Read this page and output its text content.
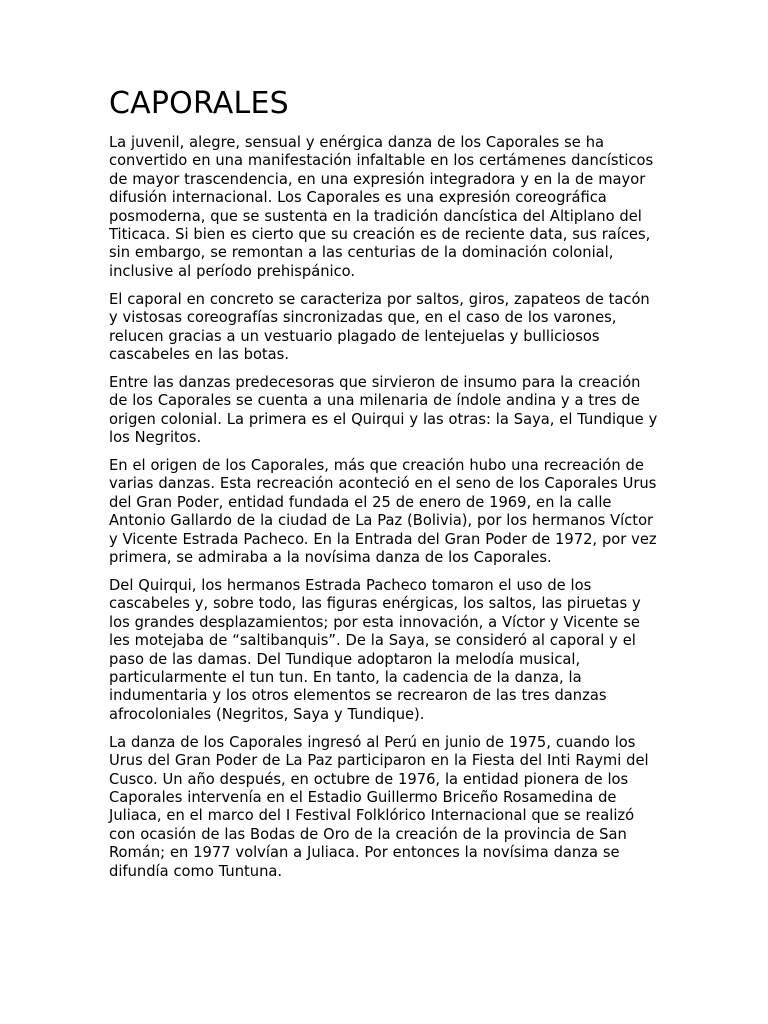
CAPORALES

La juvenil, alegre, sensual y enérgica danza de los Caporales se ha convertido en una manifestación infaltable en los certámenes dancísticos de mayor trascendencia, en una expresión integradora y en la de mayor difusión internacional. Los Caporales es una expresión coreográfica posmoderna, que se sustenta en la tradición dancística del Altiplano del Titicaca. Si bien es cierto que su creación es de reciente data, sus raíces, sin embargo, se remontan a las centurias de la dominación colonial, inclusive al período prehispánico.

El caporal en concreto se caracteriza por saltos, giros, zapateos de tacón y vistosas coreografías sincronizadas que, en el caso de los varones, relucen gracias a un vestuario plagado de lentejuelas y bulliciosos cascabeles en las botas.

Entre las danzas predecesoras que sirvieron de insumo para la creación de los Caporales se cuenta a una milenaria de índole andina y a tres de origen colonial. La primera es el Quirqui y las otras: la Saya, el Tundique y los Negritos.

En el origen de los Caporales, más que creación hubo una recreación de varias danzas. Esta recreación aconteció en el seno de los Caporales Urus del Gran Poder, entidad fundada el 25 de enero de 1969, en la calle Antonio Gallardo de la ciudad de La Paz (Bolivia), por los hermanos Víctor y Vicente Estrada Pacheco. En la Entrada del Gran Poder de 1972, por vez primera, se admiraba a la novísima danza de los Caporales.

Del Quirqui, los hermanos Estrada Pacheco tomaron el uso de los cascabeles y, sobre todo, las figuras enérgicas, los saltos, las piruetas y los grandes desplazamientos; por esta innovación, a Víctor y Vicente se les motejaba de “saltibanquis”. De la Saya, se consideró al caporal y el paso de las damas. Del Tundique adoptaron la melodía musical, particularmente el tun tun. En tanto, la cadencia de la danza, la indumentaria y los otros elementos se recrearon de las tres danzas afrocoloniales (Negritos, Saya y Tundique).

La danza de los Caporales ingresó al Perú en junio de 1975, cuando los Urus del Gran Poder de La Paz participaron en la Fiesta del Inti Raymi del Cusco. Un año después, en octubre de 1976, la entidad pionera de los Caporales intervenía en el Estadio Guillermo Briceño Rosamedina de Juliaca, en el marco del I Festival Folklórico Internacional que se realizó con ocasión de las Bodas de Oro de la creación de la provincia de San Román; en 1977 volvían a Juliaca. Por entonces la novísima danza se difundía como Tuntuna.
